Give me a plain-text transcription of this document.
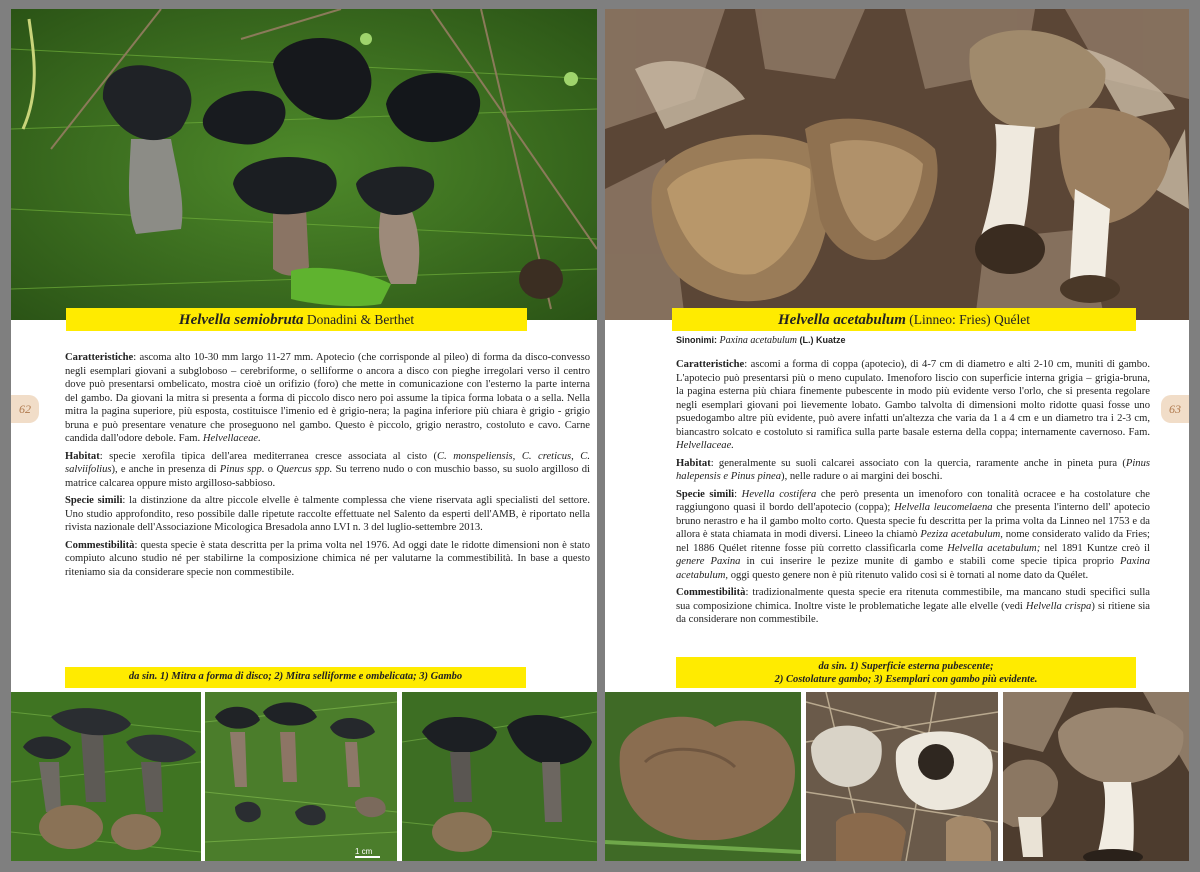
Helvella semiobruta Donadini & Berthet
62

Caratteristiche: ascoma alto 10-30 mm largo 11-27 mm. Apotecio (che corrisponde al pileo) di forma da disco-convesso negli esemplari giovani a subgloboso – cerebriforme, o selliforme o ancora a disco con pieghe irregolari verso il centro dove può presentarsi ombelicato, mostra cioè un orifizio (foro) che mette in comunicazione con l'esterno la parte interna del gambo. Da giovani la mitra si presenta a forma di piccolo disco nero poi assume la tipica forma lobata o a sella. Nella mitra la pagina superiore, più esposta, costituisce l'imenio ed è grigio-nera; la pagina inferiore più chiara è grigio - grigio bruna e può presentare venature che proseguono nel gambo. Questo è piccolo, grigio nerastro, costoluto e cavo. Carne candida dall'odore debole. Fam. Helvellaceae.

Habitat: specie xerofila tipica dell'area mediterranea cresce associata al cisto (C. monspeliensis, C. creticus, C. salviifolius), e anche in presenza di Pinus spp. o Quercus spp. Su terreno nudo o con muschio basso, su suolo argilloso di matrice calcarea oppure misto argilloso-sabbioso.

Specie simili: la distinzione da altre piccole elvelle è talmente complessa che viene riservata agli specialisti del settore. Uno studio approfondito, reso possibile dalle ripetute raccolte effettuate nel Salento da esperti dell'AMB, è riportato nella rivista nazionale dell'Associazione Micologica Bresadola anno LVI n. 3 del luglio-settembre 2013.

Commestibilità: questa specie è stata descritta per la prima volta nel 1976. Ad oggi date le ridotte dimensioni non è stato compiuto alcuno studio né per stabilirne la composizione chimica né per valutarne la commestibilità. In base a questo riteniamo sia da considerare specie non commestibile.

da sin. 1) Mitra a forma di disco; 2) Mitra selliforme e ombelicata; 3) Gambo
1 cm
Helvella acetabulum (Linneo: Fries) Quélet
Sinonimi: Paxina acetabulum (L.) Kuatze
63

Caratteristiche: ascomi a forma di coppa (apotecio), di 4-7 cm di diametro e alti 2-10 cm, muniti di gambo. L'apotecio può presentarsi più o meno cupulato. Imenoforo liscio con superficie interna grigia – grigia-bruna, la pagina esterna più chiara finemente pubescente in modo più evidente verso l'orlo, che si presenta regolare negli esemplari giovani poi lievemente lobato. Gambo talvolta di dimensioni molto ridotte quasi fosse uno psuedogambo altre più evidente, può avere infatti un'altezza che varia da 1 a 4 cm e un diametro tra i 2-3 cm, biancastro solcato e costoluto si ramifica sulla parte basale esterna della coppa; internamente cavernoso. Fam. Helvellaceae.

Habitat: generalmente su suoli calcarei associato con la quercia, raramente anche in pineta pura (Pinus halepensis e Pinus pinea), nelle radure o ai margini dei boschi.

Specie simili: Hevella costifera che però presenta un imenoforo con tonalità ocracee e ha costolature che raggiungono quasi il bordo dell'apotecio (coppa); Helvella leucomelaena che presenta l'interno dell' apotecio bruno nerastro e ha il gambo molto corto. Questa specie fu descritta per la prima volta da Linneo nel 1753 e da allora è stata chiamata in modi diversi. Lineeo la chiamò Peziza acetabulum, nome considerato valido da Fries; nel 1886 Quélet ritenne fosse più corretto classificarla come Helvella acetabulum; nel 1891 Kuntze creò il genere Paxina in cui inserire le pezize munite di gambo e stabilì come specie tipica proprio Paxina acetabulum, oggi questo genere non è più ritenuto valido così si è tornati al nome dato da Quélet.

Commestibilità: tradizionalmente questa specie era ritenuta commestibile, ma mancano studi specifici sulla sua composizione chimica. Inoltre viste le problematiche legate alle elvelle (vedi Helvella crispa) si ritiene sia da considerare non commestibile.

da sin. 1) Superficie esterna pubescente;
2) Costolature gambo; 3) Esemplari con gambo più evidente.
